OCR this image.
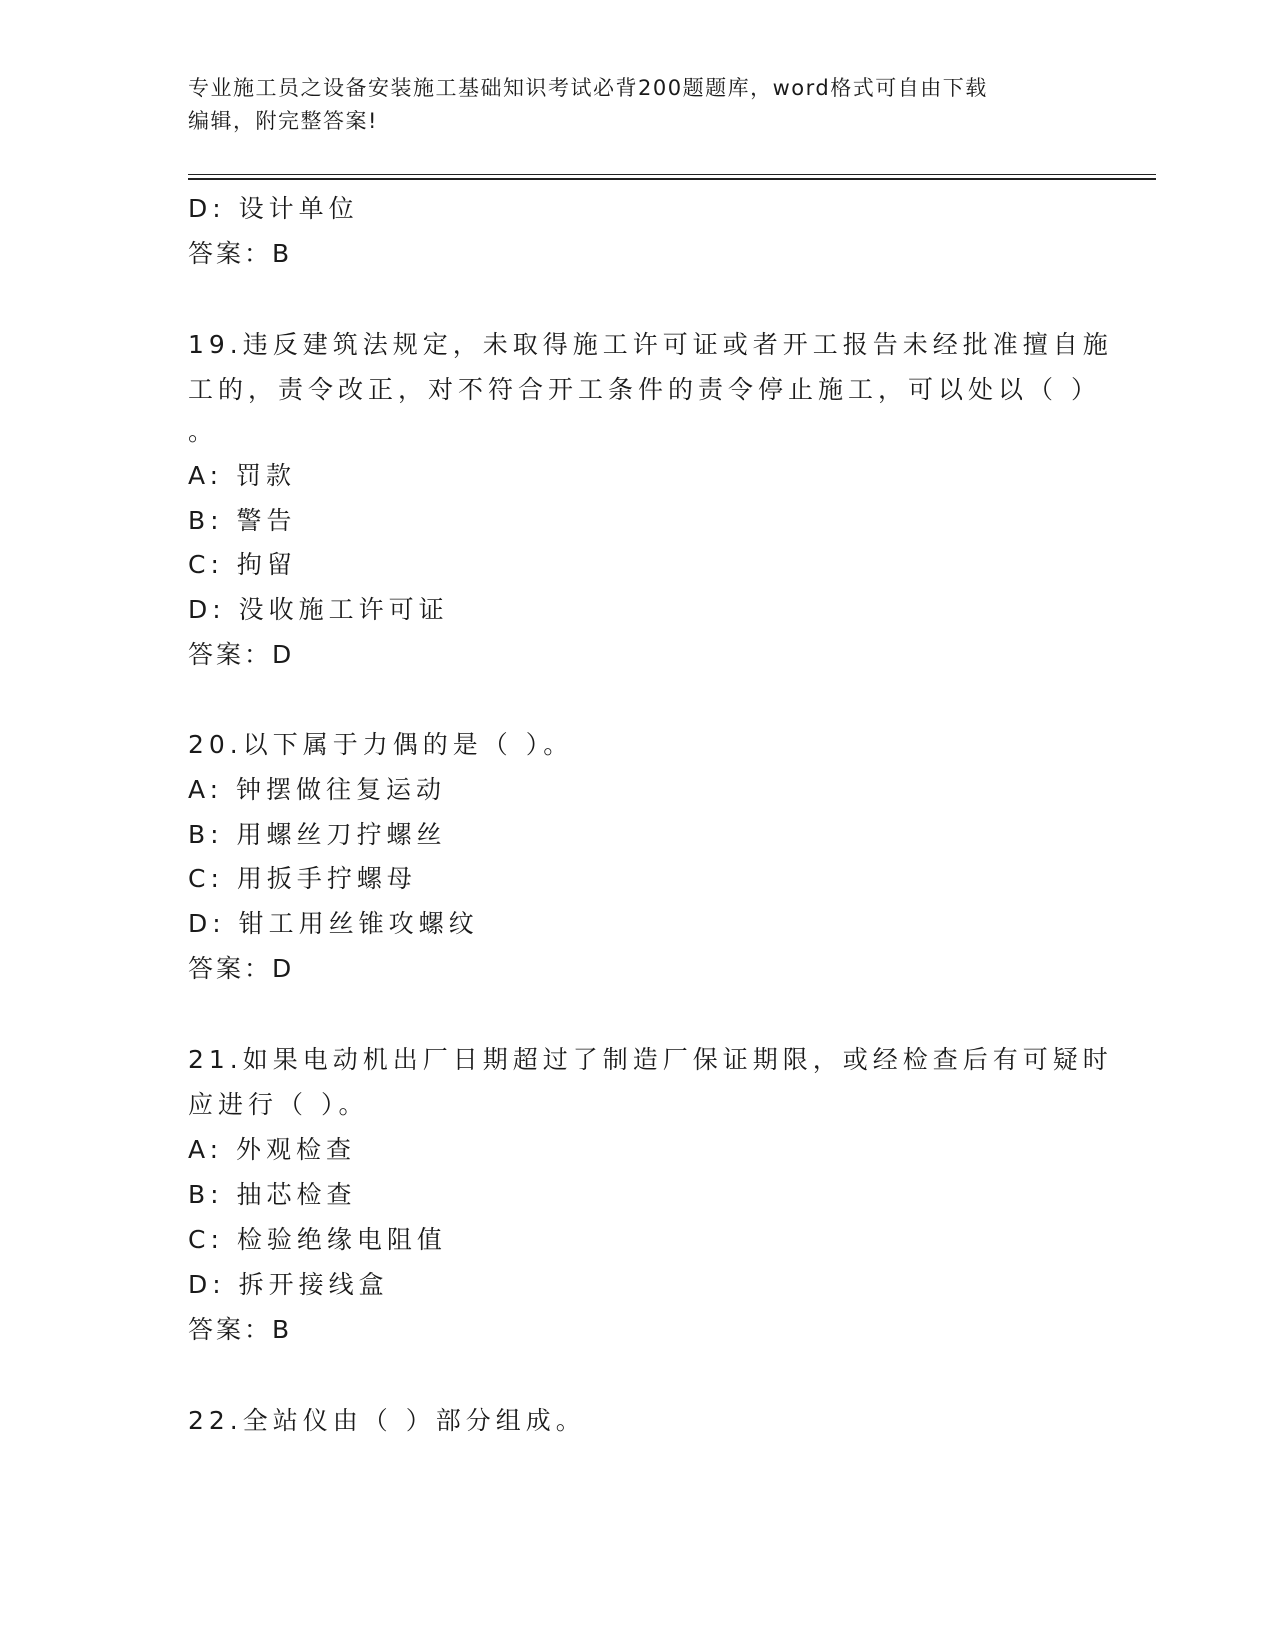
专业施工员之设备安装施工基础知识考试必背200题题库，word格式可自由下载
编辑，附完整答案!
D: 设计单位
答案：B
19.违反建筑法规定，未取得施工许可证或者开工报告未经批准擅自施
工的，责令改正，对不符合开工条件的责令停止施工，可以处以（ ）
。
A: 罚款
B: 警告
C: 拘留
D: 没收施工许可证
答案：D
20.以下属于力偶的是（ ）。
A: 钟摆做往复运动
B: 用螺丝刀拧螺丝
C: 用扳手拧螺母
D: 钳工用丝锥攻螺纹
答案：D
21.如果电动机出厂日期超过了制造厂保证期限，或经检查后有可疑时
应进行（ ）。
A: 外观检查
B: 抽芯检查
C: 检验绝缘电阻值
D: 拆开接线盒
答案：B
22.全站仪由（ ）部分组成。
